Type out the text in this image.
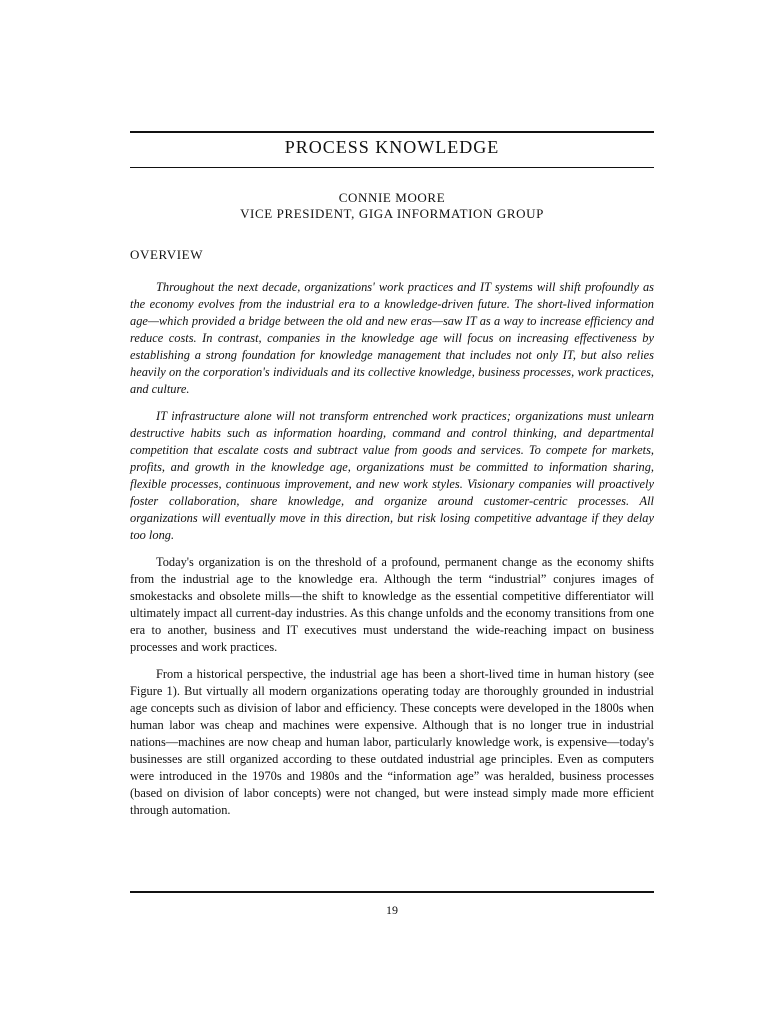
PROCESS KNOWLEDGE
CONNIE MOORE
VICE PRESIDENT, GIGA INFORMATION GROUP
OVERVIEW

Throughout the next decade, organizations' work practices and IT systems will shift profoundly as the economy evolves from the industrial era to a knowledge-driven future. The short-lived information age—which provided a bridge between the old and new eras—saw IT as a way to increase efficiency and reduce costs. In contrast, companies in the knowledge age will focus on increasing effectiveness by establishing a strong foundation for knowledge management that includes not only IT, but also relies heavily on the corporation's individuals and its collective knowledge, business processes, work practices, and culture.

IT infrastructure alone will not transform entrenched work practices; organizations must unlearn destructive habits such as information hoarding, command and control thinking, and departmental competition that escalate costs and subtract value from goods and services. To compete for markets, profits, and growth in the knowledge age, organizations must be committed to information sharing, flexible processes, continuous improvement, and new work styles. Visionary companies will proactively foster collaboration, share knowledge, and organize around customer-centric processes. All organizations will eventually move in this direction, but risk losing competitive advantage if they delay too long.

Today's organization is on the threshold of a profound, permanent change as the economy shifts from the industrial age to the knowledge era. Although the term “industrial” conjures images of smokestacks and obsolete mills—the shift to knowledge as the essential competitive differentiator will ultimately impact all current-day industries. As this change unfolds and the economy transitions from one era to another, business and IT executives must understand the wide-reaching impact on business processes and work practices.

From a historical perspective, the industrial age has been a short-lived time in human history (see Figure 1). But virtually all modern organizations operating today are thoroughly grounded in industrial age concepts such as division of labor and efficiency. These concepts were developed in the 1800s when human labor was cheap and machines were expensive. Although that is no longer true in industrial nations—machines are now cheap and human labor, particularly knowledge work, is expensive—today's businesses are still organized according to these outdated industrial age principles. Even as computers were introduced in the 1970s and 1980s and the “information age” was heralded, business processes (based on division of labor concepts) were not changed, but were instead simply made more efficient through automation.

19
